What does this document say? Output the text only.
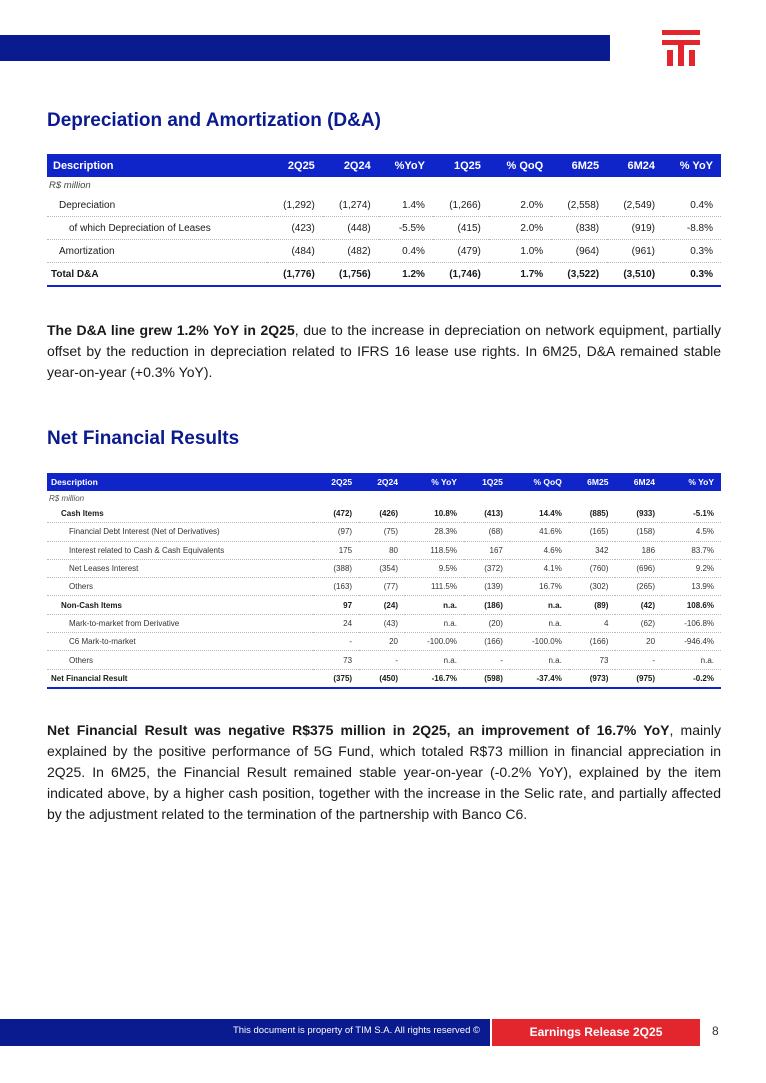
Depreciation and Amortization (D&A)
Description	2Q25	2Q24	%YoY	1Q25	% QoQ	6M25	6M24	% YoY
R$ million								
Depreciation	(1,292)	(1,274)	1.4%	(1,266)	2.0%	(2,558)	(2,549)	0.4%
of which Depreciation of Leases	(423)	(448)	-5.5%	(415)	2.0%	(838)	(919)	-8.8%
Amortization	(484)	(482)	0.4%	(479)	1.0%	(964)	(961)	0.3%
Total D&A	(1,776)	(1,756)	1.2%	(1,746)	1.7%	(3,522)	(3,510)	0.3%

The D&A line grew 1.2% YoY in 2Q25, due to the increase in depreciation on network equipment, partially offset by the reduction in depreciation related to IFRS 16 lease use rights. In 6M25, D&A remained stable year-on-year (+0.3% YoY).

Net Financial Results
Description	2Q25	2Q24	% YoY	1Q25	% QoQ	6M25	6M24	% YoY
R$ million								
Cash Items	(472)	(426)	10.8%	(413)	14.4%	(885)	(933)	-5.1%
Financial Debt Interest (Net of Derivatives)	(97)	(75)	28.3%	(68)	41.6%	(165)	(158)	4.5%
Interest related to Cash & Cash Equivalents	175	80	118.5%	167	4.6%	342	186	83.7%
Net Leases Interest	(388)	(354)	9.5%	(372)	4.1%	(760)	(696)	9.2%
Others	(163)	(77)	111.5%	(139)	16.7%	(302)	(265)	13.9%
Non-Cash Items	97	(24)	n.a.	(186)	n.a.	(89)	(42)	108.6%
Mark-to-market from Derivative	24	(43)	n.a.	(20)	n.a.	4	(62)	-106.8%
C6 Mark-to-market	-	20	-100.0%	(166)	-100.0%	(166)	20	-946.4%
Others	73	-	n.a.	-	n.a.	73	-	n.a.
Net Financial Result	(375)	(450)	-16.7%	(598)	-37.4%	(973)	(975)	-0.2%

Net Financial Result was negative R$375 million in 2Q25, an improvement of 16.7% YoY, mainly explained by the positive performance of 5G Fund, which totaled R$73 million in financial appreciation in 2Q25. In 6M25, the Financial Result remained stable year-on-year (-0.2% YoY), explained by the item indicated above, by a higher cash position, together with the increase in the Selic rate, and partially affected by the adjustment related to the termination of the partnership with Banco C6.

This document is property of TIM S.A. All rights reserved ©	Earnings Release 2Q25	8
